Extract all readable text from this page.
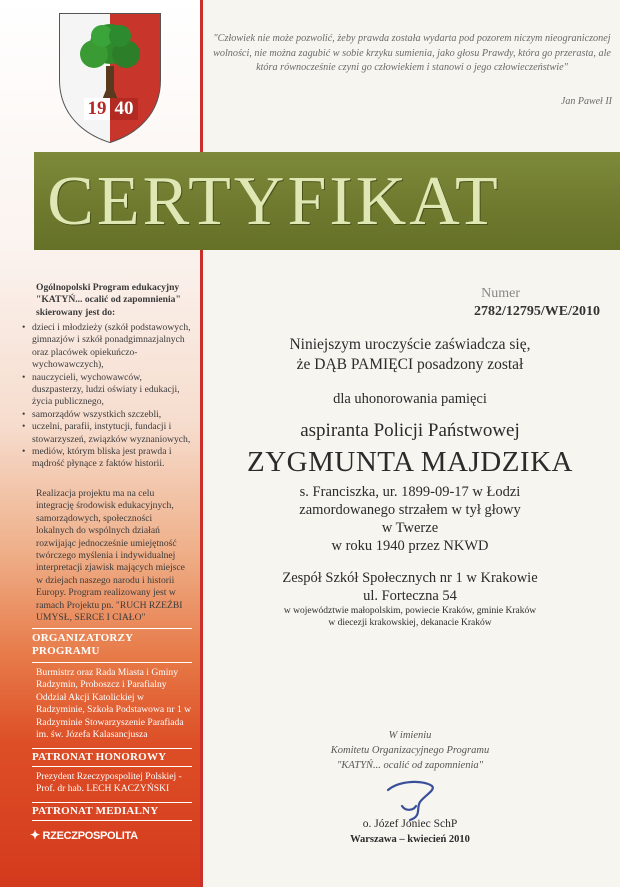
19 40
"Człowiek nie może pozwolić, żeby prawda została wydarta pod pozorem niczym nieograniczonej wolności, nie można zagubić w sobie krzyku sumienia, jako głosu Prawdy, która go przerasta, ale która równocześnie czyni go człowiekiem i stanowi o jego człowieczeństwie"
Jan Paweł II
CERTYFIKAT
Ogólnopolski Program edukacyjny "KATYŃ... ocalić od zapomnienia" skierowany jest do:
• dzieci i młodzieży (szkół podstawowych, gimnazjów i szkół ponadgimnazjalnych oraz placówek opiekuńczo-wychowawczych),
• nauczycieli, wychowawców, duszpasterzy, ludzi oświaty i edukacji, życia publicznego,
• samorządów wszystkich szczebli,
• uczelni, parafii, instytucji, fundacji i stowarzyszeń, związków wyznaniowych,
• mediów, którym bliska jest prawda i mądrość płynące z faktów historii.
Realizacja projektu ma na celu integrację środowisk edukacyjnych, samorządowych, społeczności lokalnych do wspólnych działań rozwijając jednocześnie umiejętność twórczego myślenia i indywidualnej interpretacji zjawisk mających miejsce w dziejach naszego narodu i historii Europy. Program realizowany jest w ramach Projektu pn. "RUCH RZEŹBI UMYSŁ, SERCE I CIAŁO"
ORGANIZATORZY PROGRAMU
Burmistrz oraz Rada Miasta i Gminy Radzymin, Proboszcz i Parafialny Oddział Akcji Katolickiej w Radzyminie, Szkoła Podstawowa nr 1 w Radzyminie Stowarzyszenie Parafiada im. św. Józefa Kalasancjusza
PATRONAT HONOROWY
Prezydent Rzeczypospolitej Polskiej - Prof. dr hab. LECH KACZYŃSKI
PATRONAT MEDIALNY
✦ RZECZPOSPOLITA
Numer
2782/12795/WE/2010
Niniejszym uroczyście zaświadcza się,
że DĄB PAMIĘCI posadzony został
dla uhonorowania pamięci
aspiranta Policji Państwowej
ZYGMUNTA MAJDZIKA
s. Franciszka, ur. 1899-09-17 w Łodzi
zamordowanego strzałem w tył głowy
w Twerze
w roku 1940 przez NKWD
Zespół Szkół Społecznych nr 1 w Krakowie
ul. Forteczna 54
w województwie małopolskim, powiecie Kraków, gminie Kraków
w diecezji krakowskiej, dekanacie Kraków
W imieniu
Komitetu Organizacyjnego Programu
"KATYŃ... ocalić od zapomnienia"
o. Józef Joniec SchP
Warszawa – kwiecień 2010
